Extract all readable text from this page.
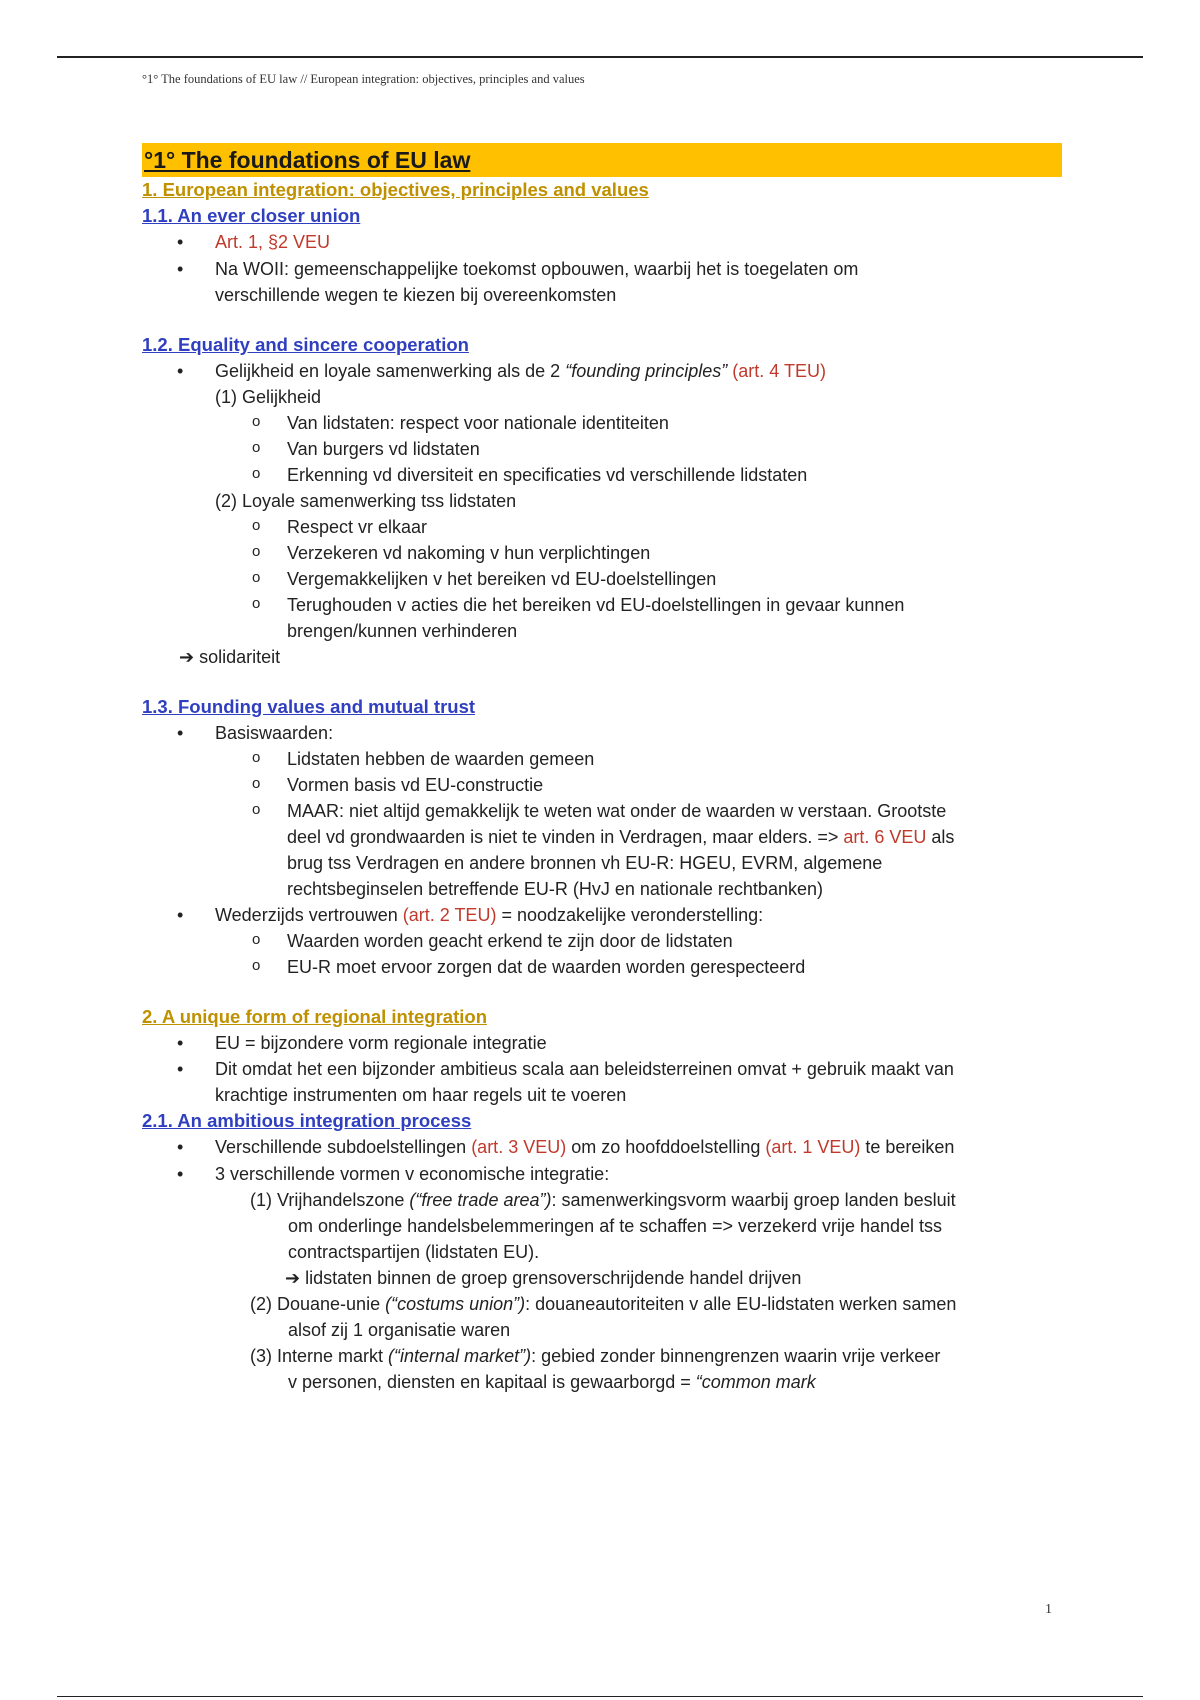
°1° The foundations of EU law // European integration: objectives, principles and values
°1° The foundations of EU law
1. European integration: objectives, principles and values
1.1. An ever closer union
• Art. 1, §2 VEU

• Na WOII: gemeenschappelijke toekomst opbouwen, waarbij het is toegelaten om

verschillende wegen te kiezen bij overeenkomsten

1.2. Equality and sincere cooperation
• Gelijkheid en loyale samenwerking als de 2 “founding principles” (art. 4 TEU)
(1) Gelijkheid
o Van lidstaten: respect voor nationale identiteiten
o Van burgers vd lidstaten
o Erkenning vd diversiteit en specificaties vd verschillende lidstaten
(2) Loyale samenwerking tss lidstaten
o Respect vr elkaar
o Verzekeren vd nakoming v hun verplichtingen
o Vergemakkelijken v het bereiken vd EU-doelstellingen
o Terughouden v acties die het bereiken vd EU-doelstellingen in gevaar kunnen
brengen/kunnen verhinderen
➔ solidariteit
1.3. Founding values and mutual trust
• Basiswaarden:
o Lidstaten hebben de waarden gemeen
o Vormen basis vd EU-constructie
o MAAR: niet altijd gemakkelijk te weten wat onder de waarden w verstaan. Grootste
deel vd grondwaarden is niet te vinden in Verdragen, maar elders. => art. 6 VEU als
brug tss Verdragen en andere bronnen vh EU-R: HGEU, EVRM, algemene
rechtsbeginselen betreffende EU-R (HvJ en nationale rechtbanken)
• Wederzijds vertrouwen (art. 2 TEU) = noodzakelijke veronderstelling:
o Waarden worden geacht erkend te zijn door de lidstaten
o EU-R moet ervoor zorgen dat de waarden worden gerespecteerd
2. A unique form of regional integration
• EU = bijzondere vorm regionale integratie

• Dit omdat het een bijzonder ambitieus scala aan beleidsterreinen omvat + gebruik maakt van

krachtige instrumenten om haar regels uit te voeren

2.1. An ambitious integration process
• Verschillende subdoelstellingen (art. 3 VEU) om zo hoofddoelstelling (art. 1 VEU) te bereiken
• 3 verschillende vormen v economische integratie:
(1) Vrijhandelszone (“free trade area”): samenwerkingsvorm waarbij groep landen besluit
om onderlinge handelsbelemmeringen af te schaffen => verzekerd vrije handel tss
contractspartijen (lidstaten EU).
➔ lidstaten binnen de groep grensoverschrijdende handel drijven
(2) Douane-unie (“costums union”): douaneautoriteiten v alle EU-lidstaten werken samen
alsof zij 1 organisatie waren
(3) Interne markt (“internal market”): gebied zonder binnengrenzen waarin vrije verkeer
v personen, diensten en kapitaal is gewaarborgd = “common mark
1
